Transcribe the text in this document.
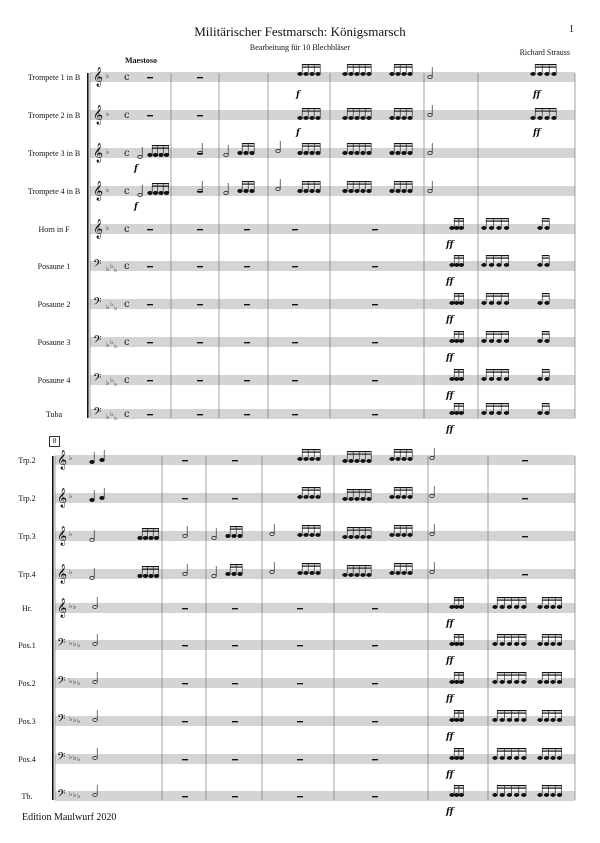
Militärischer Festmarsch: Königsmarsch
Bearbeitung für 10 Blechbläser
Richard Strauss
1
Maestoso
Trompete 1 in B
Trompete 2 in B
Trompete 3 in B
Trompete 4 in B
Horn in F
Posaune 1
Posaune 2
Posaune 3
Posaune 4
Tuba
8
Trp.2
Trp.2
Trp.3
Trp.4
Hr.
Pos.1
Pos.2
Pos.3
Pos.4
Tb.
𝄞 ♭ c
𝄞 ♭ c
𝄞 ♭ c
𝄞 ♭ c
𝄞 ♭ c
𝄢 ♭ ♭ ♭ c
𝄢 ♭ ♭ ♭ c
𝄢 ♭ ♭ ♭ c
𝄢 ♭ ♭ ♭ c
𝄢 ♭ ♭ ♭ c
f	ff
f	ff
f
f
ff
ff
ff
ff
ff
ff
𝄞 ♭
𝄞 ♭
𝄞 ♭
𝄞 ♭
𝄞 ♭ ♭
𝄢 ♭ ♭ ♭
𝄢 ♭ ♭ ♭
𝄢 ♭ ♭ ♭
𝄢 ♭ ♭ ♭
𝄢 ♭ ♭ ♭
ff
ff
ff
ff
ff
ff
Edition Maulwurf 2020
